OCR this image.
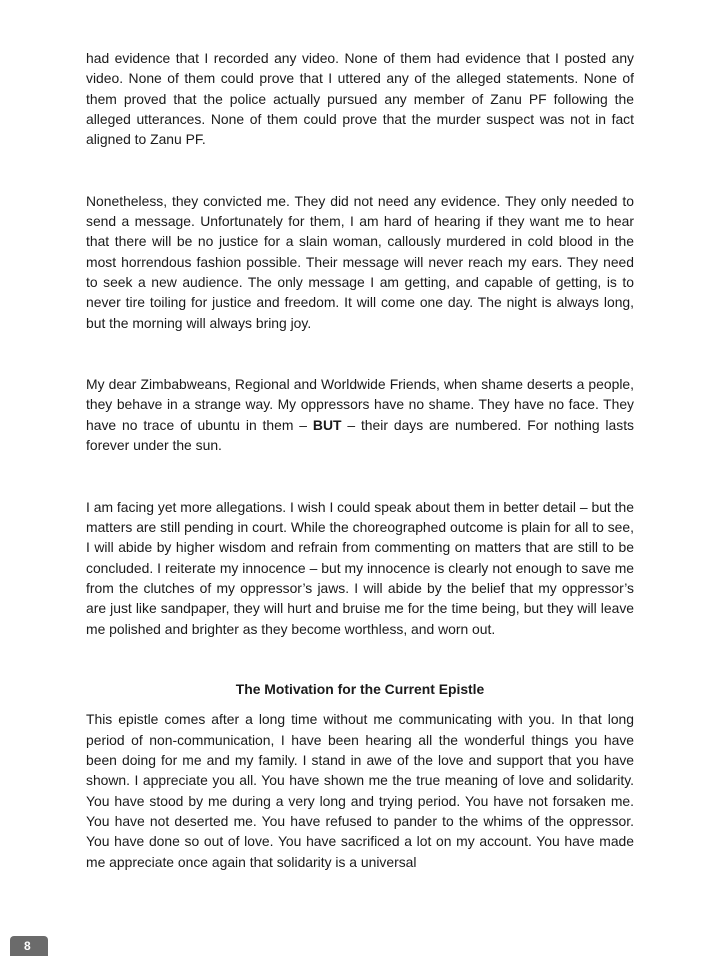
had evidence that I recorded any video. None of them had evidence that I posted any video. None of them could prove that I uttered any of the alleged statements. None of them proved that the police actually pursued any member of Zanu PF following the alleged utterances. None of them could prove that the murder suspect was not in fact aligned to Zanu PF.

Nonetheless, they convicted me. They did not need any evidence. They only needed to send a message. Unfortunately for them, I am hard of hearing if they want me to hear that there will be no justice for a slain woman, callously murdered in cold blood in the most horrendous fashion possible. Their message will never reach my ears. They need to seek a new audience. The only message I am getting, and capable of getting, is to never tire toiling for justice and freedom. It will come one day. The night is always long, but the morning will always bring joy.

My dear Zimbabweans, Regional and Worldwide Friends, when shame deserts a people, they behave in a strange way. My oppressors have no shame. They have no face. They have no trace of ubuntu in them – BUT – their days are numbered. For nothing lasts forever under the sun.

I am facing yet more allegations. I wish I could speak about them in better detail – but the matters are still pending in court. While the choreographed outcome is plain for all to see, I will abide by higher wisdom and refrain from commenting on matters that are still to be concluded. I reiterate my innocence – but my innocence is clearly not enough to save me from the clutches of my oppressor’s jaws. I will abide by the belief that my oppressor’s are just like sandpaper, they will hurt and bruise me for the time being, but they will leave me polished and brighter as they become worthless, and worn out.

The Motivation for the Current Epistle

This epistle comes after a long time without me communicating with you. In that long period of non-communication, I have been hearing all the wonderful things you have been doing for me and my family. I stand in awe of the love and support that you have shown. I appreciate you all. You have shown me the true meaning of love and solidarity. You have stood by me during a very long and trying period. You have not forsaken me. You have not deserted me. You have refused to pander to the whims of the oppressor. You have done so out of love. You have sacrificed a lot on my account. You have made me appreciate once again that solidarity is a universal

8
